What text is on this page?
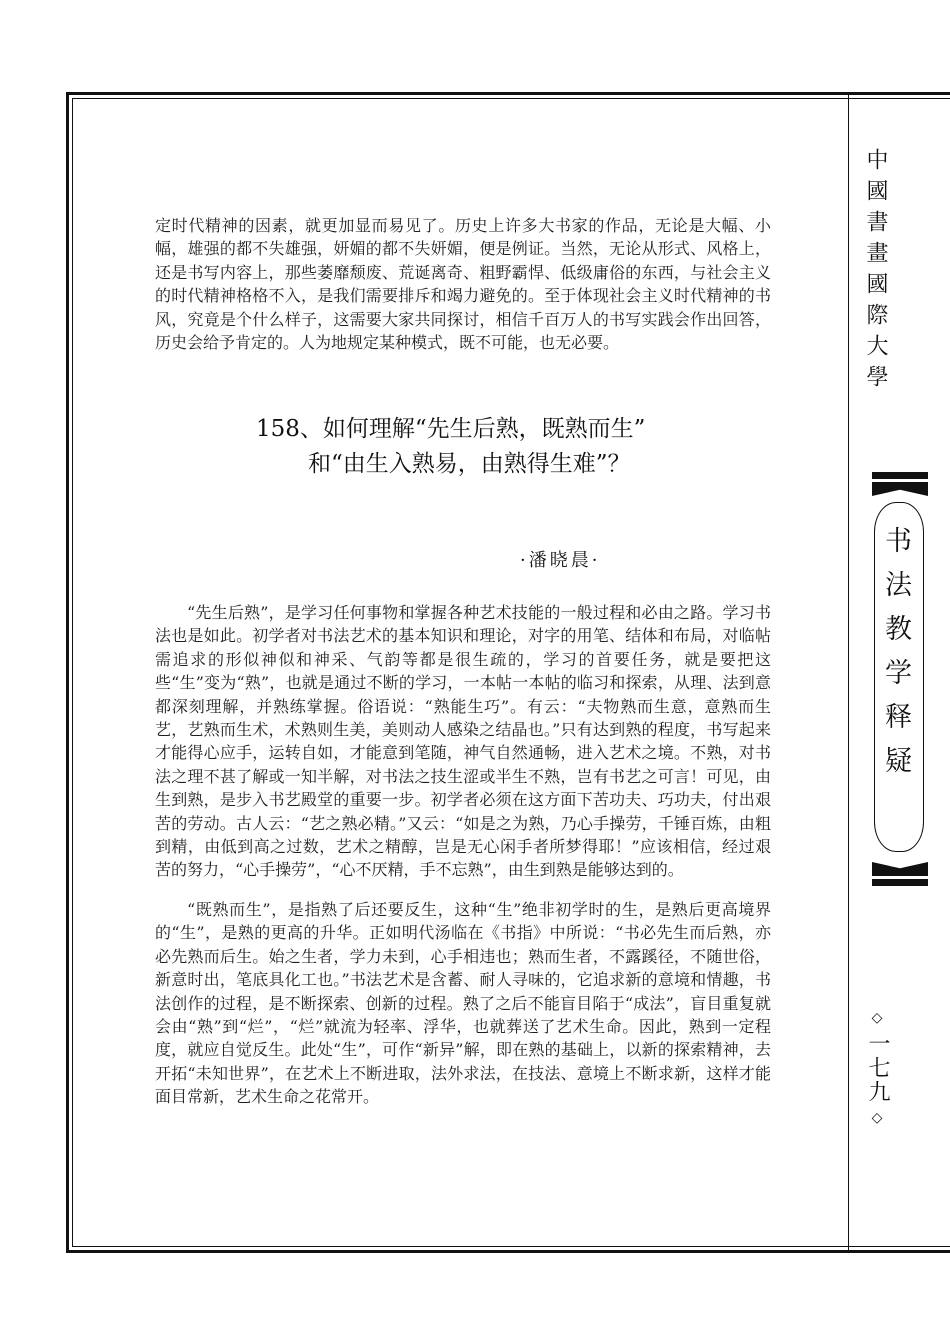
中國書畫國際大學
书法教学释疑
◇
一七九
◇

定时代精神的因素，就更加显而易见了。历史上许多大书家的作品，无论是大幅、小幅，雄强的都不失雄强，妍媚的都不失妍媚，便是例证。当然，无论从形式、风格上，还是书写内容上，那些萎靡颓废、荒诞离奇、粗野霸悍、低级庸俗的东西，与社会主义的时代精神格格不入，是我们需要排斥和竭力避免的。至于体现社会主义时代精神的书风，究竟是个什么样子，这需要大家共同探讨，相信千百万人的书写实践会作出回答，历史会给予肯定的。人为地规定某种模式，既不可能，也无必要。

158、如何理解“先生后熟，既熟而生”
和“由生入熟易，由熟得生难”？
·潘晓晨·

“先生后熟”，是学习任何事物和掌握各种艺术技能的一般过程和必由之路。学习书法也是如此。初学者对书法艺术的基本知识和理论，对字的用笔、结体和布局，对临帖需追求的形似神似和神采、气韵等都是很生疏的，学习的首要任务，就是要把这些“生”变为“熟”，也就是通过不断的学习，一本帖一本帖的临习和探索，从理、法到意都深刻理解，并熟练掌握。俗语说：“熟能生巧”。有云：“夫物熟而生意，意熟而生艺，艺熟而生术，术熟则生美，美则动人感染之结晶也。”只有达到熟的程度，书写起来才能得心应手，运转自如，才能意到笔随，神气自然通畅，进入艺术之境。不熟，对书法之理不甚了解或一知半解，对书法之技生涩或半生不熟，岂有书艺之可言！可见，由生到熟，是步入书艺殿堂的重要一步。初学者必须在这方面下苦功夫、巧功夫，付出艰苦的劳动。古人云：“艺之熟必精。”又云：“如是之为熟，乃心手操劳，千锤百炼，由粗到精，由低到高之过数，艺术之精醇，岂是无心闲手者所梦得耶！”应该相信，经过艰苦的努力，“心手操劳”，“心不厌精，手不忘熟”，由生到熟是能够达到的。

“既熟而生”，是指熟了后还要反生，这种“生”绝非初学时的生，是熟后更高境界的“生”，是熟的更高的升华。正如明代汤临在《书指》中所说：“书必先生而后熟，亦必先熟而后生。始之生者，学力未到，心手相违也；熟而生者，不露蹊径，不随世俗，新意时出，笔底具化工也。”书法艺术是含蓄、耐人寻味的，它追求新的意境和情趣，书法创作的过程，是不断探索、创新的过程。熟了之后不能盲目陷于“成法”，盲目重复就会由“熟”到“烂”，“烂”就流为轻率、浮华，也就葬送了艺术生命。因此，熟到一定程度，就应自觉反生。此处“生”，可作“新异”解，即在熟的基础上，以新的探索精神，去开拓“未知世界”，在艺术上不断进取，法外求法，在技法、意境上不断求新，这样才能面目常新，艺术生命之花常开。
